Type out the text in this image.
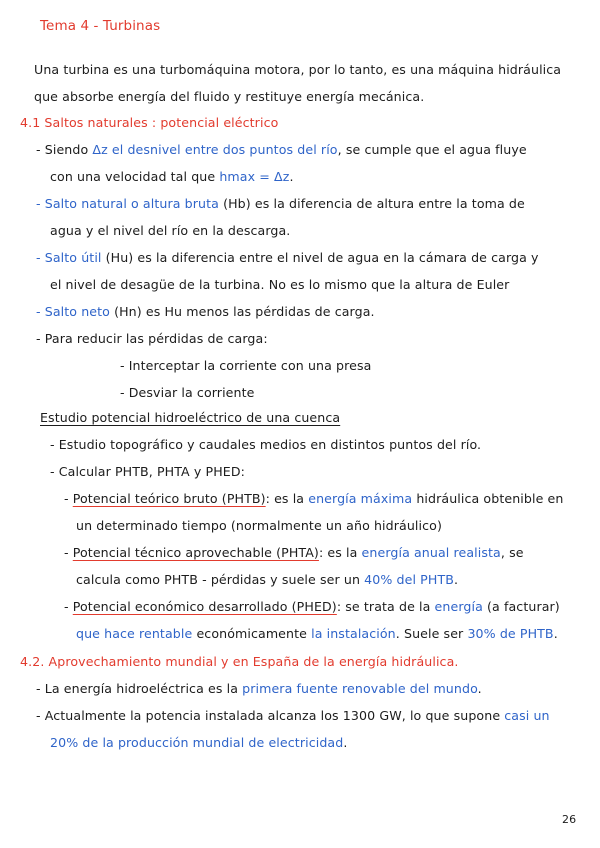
Tema 4 - Turbinas
Una turbina es una turbomáquina motora, por lo tanto, es una máquina hidráulica
que absorbe energía del fluido y restituye energía mecánica.
4.1 Saltos naturales : potencial eléctrico
- Siendo Δz el desnivel entre dos puntos del río, se cumple que el agua fluye
con una velocidad tal que hmax = Δz.
- Salto natural o altura bruta (Hb) es la diferencia de altura entre la toma de
agua y el nivel del río en la descarga.
- Salto útil (Hu) es la diferencia entre el nivel de agua en la cámara de carga y
el nivel de desagüe de la turbina. No es lo mismo que la altura de Euler
- Salto neto (Hn) es Hu menos las pérdidas de carga.
- Para reducir las pérdidas de carga:
- Interceptar la corriente con una presa
- Desviar la corriente
Estudio potencial hidroeléctrico de una cuenca
- Estudio topográfico y caudales medios en distintos puntos del río.
- Calcular PHTB, PHTA y PHED:
- Potencial teórico bruto (PHTB): es la energía máxima hidráulica obtenible en
un determinado tiempo (normalmente un año hidráulico)
- Potencial técnico aprovechable (PHTA): es la energía anual realista, se
calcula como PHTB - pérdidas y suele ser un 40% del PHTB.
- Potencial económico desarrollado (PHED): se trata de la energía (a facturar)
que hace rentable económicamente la instalación. Suele ser 30% de PHTB.
4.2. Aprovechamiento mundial y en España de la energía hidráulica.
- La energía hidroeléctrica es la primera fuente renovable del mundo.
- Actualmente la potencia instalada alcanza los 1300 GW, lo que supone casi un
20% de la producción mundial de electricidad.
26
